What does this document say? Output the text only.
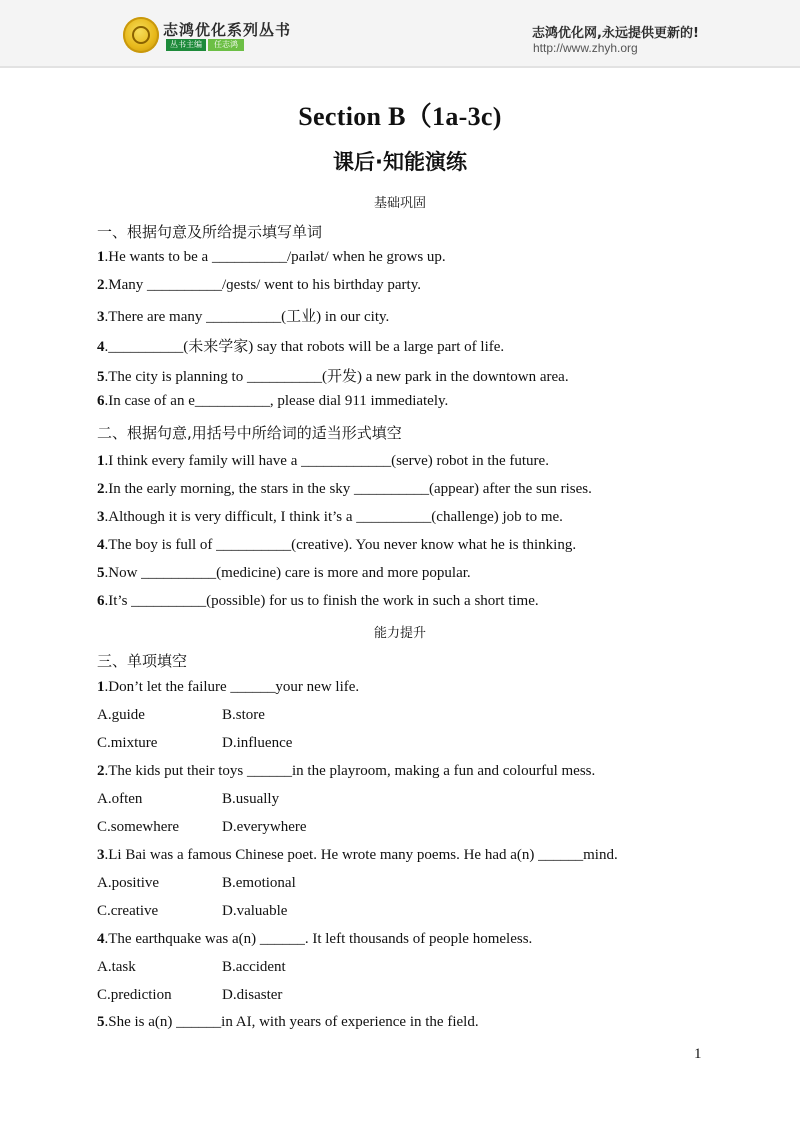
志鸿优化系列丛书
丛书主编	任志鸿
志鸿优化网,永远提供更新的!
http://www.zhyh.org
Section B（1a-3c)
课后·知能演练
基础巩固
一、根据句意及所给提示填写单词
1.He wants to be a __________/paɪlət/ when he grows up.
2.Many __________/ɡests/ went to his birthday party.
3.There are many __________(工业) in our city.
4.__________(未来学家) say that robots will be a large part of life.
5.The city is planning to __________(开发) a new park in the downtown area.
6.In case of an e__________, please dial 911 immediately.
二、根据句意,用括号中所给词的适当形式填空
1.I think every family will have a ____________(serve) robot in the future.
2.In the early morning, the stars in the sky __________(appear) after the sun rises.
3.Although it is very difficult, I think it’s a __________(challenge) job to me.
4.The boy is full of __________(creative). You never know what he is thinking.
5.Now __________(medicine) care is more and more popular.
6.It’s __________(possible) for us to finish the work in such a short time.
能力提升
三、单项填空
1.Don’t let the failure ______your new life.
A.guide	B.store
C.mixture	D.influence
2.The kids put their toys ______in the playroom, making a fun and colourful mess.
A.often	B.usually
C.somewhere	D.everywhere
3.Li Bai was a famous Chinese poet. He wrote many poems. He had a(n) ______mind.
A.positive	B.emotional
C.creative	D.valuable
4.The earthquake was a(n) ______. It left thousands of people homeless.
A.task	B.accident
C.prediction	D.disaster
5.She is a(n) ______in AI, with years of experience in the field.
1
